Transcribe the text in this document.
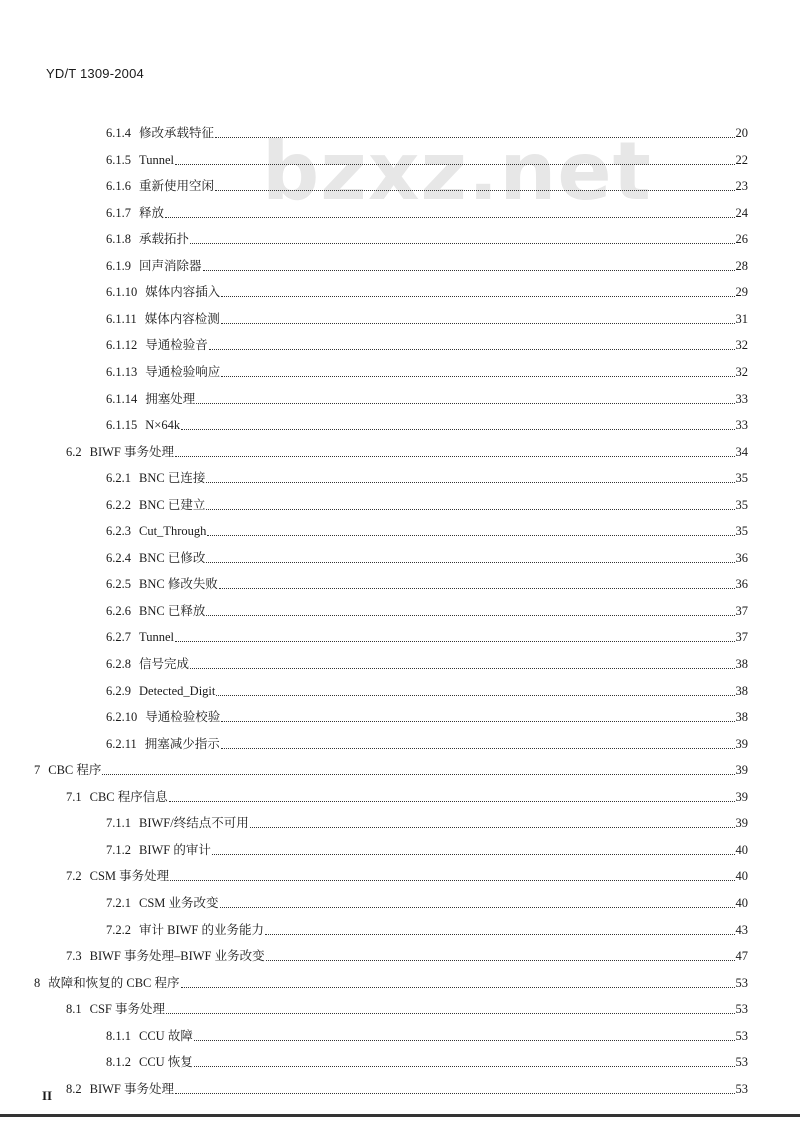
YD/T 1309-2004
bzxz.net
6.1.4 修改承载特征	20
6.1.5 Tunnel	22
6.1.6 重新使用空闲	23
6.1.7 释放	24
6.1.8 承载拓扑	26
6.1.9 回声消除器	28
6.1.10 媒体内容插入	29
6.1.11 媒体内容检测	31
6.1.12 导通检验音	32
6.1.13 导通检验响应	32
6.1.14 拥塞处理	33
6.1.15 N×64k	33
6.2 BIWF 事务处理	34
6.2.1 BNC 已连接	35
6.2.2 BNC 已建立	35
6.2.3 Cut_Through	35
6.2.4 BNC 已修改	36
6.2.5 BNC 修改失败	36
6.2.6 BNC 已释放	37
6.2.7 Tunnel	37
6.2.8 信号完成	38
6.2.9 Detected_Digit	38
6.2.10 导通检验校验	38
6.2.11 拥塞减少指示	39
7 CBC 程序	39
7.1 CBC 程序信息	39
7.1.1 BIWF/终结点不可用	39
7.1.2 BIWF 的审计	40
7.2 CSM 事务处理	40
7.2.1 CSM 业务改变	40
7.2.2 审计 BIWF 的业务能力	43
7.3 BIWF 事务处理–BIWF 业务改变	47
8 故障和恢复的 CBC 程序	53
8.1 CSF 事务处理	53
8.1.1 CCU 故障	53
8.1.2 CCU 恢复	53
8.2 BIWF 事务处理	53
II
